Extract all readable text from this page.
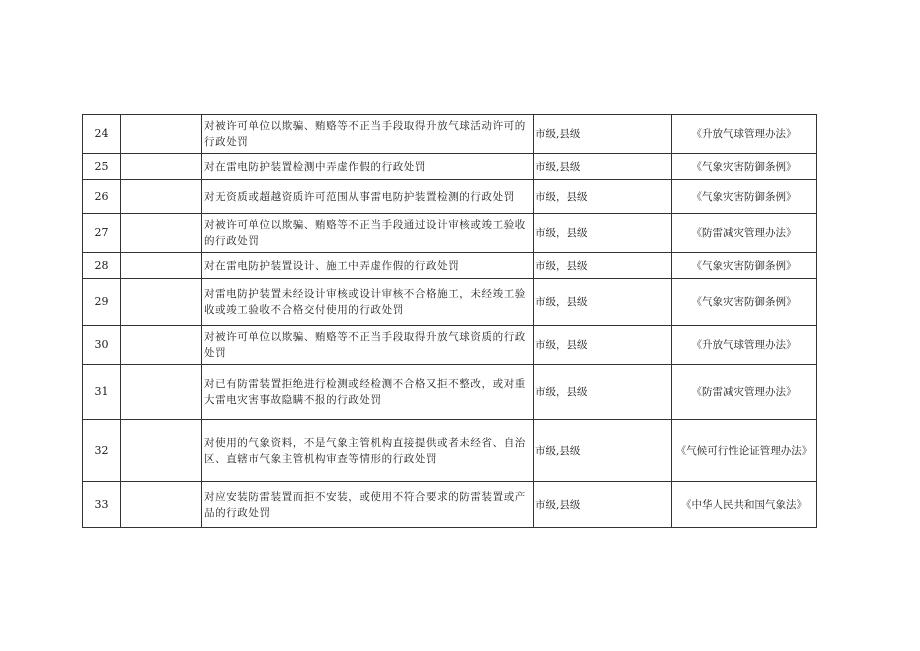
24		对被许可单位以欺骗、贿赂等不正当手段取得升放气球活动许可的行政处罚	市级,县级	《升放气球管理办法》
25		对在雷电防护装置检测中弄虚作假的行政处罚	市级,县级	《气象灾害防御条例》
26		对无资质或超越资质许可范围从事雷电防护装置检测的行政处罚	市级，县级	《气象灾害防御条例》
27		对被许可单位以欺骗、贿赂等不正当手段通过设计审核或竣工验收的行政处罚	市级，县级	《防雷减灾管理办法》
28		对在雷电防护装置设计、施工中弄虚作假的行政处罚	市级，县级	《气象灾害防御条例》
29		对雷电防护装置未经设计审核或设计审核不合格施工，未经竣工验收或竣工验收不合格交付使用的行政处罚	市级，县级	《气象灾害防御条例》
30		对被许可单位以欺骗、贿赂等不正当手段取得升放气球资质的行政处罚	市级，县级	《升放气球管理办法》
31		对已有防雷装置拒绝进行检测或经检测不合格又拒不整改，或对重大雷电灾害事故隐瞒不报的行政处罚	市级，县级	《防雷减灾管理办法》
32		对使用的气象资料，不是气象主管机构直接提供或者未经省、自治区、直辖市气象主管机构审查等情形的行政处罚	市级,县级	《气候可行性论证管理办法》
33		对应安装防雷装置而拒不安装，或使用不符合要求的防雷装置或产品的行政处罚	市级,县级	《中华人民共和国气象法》
